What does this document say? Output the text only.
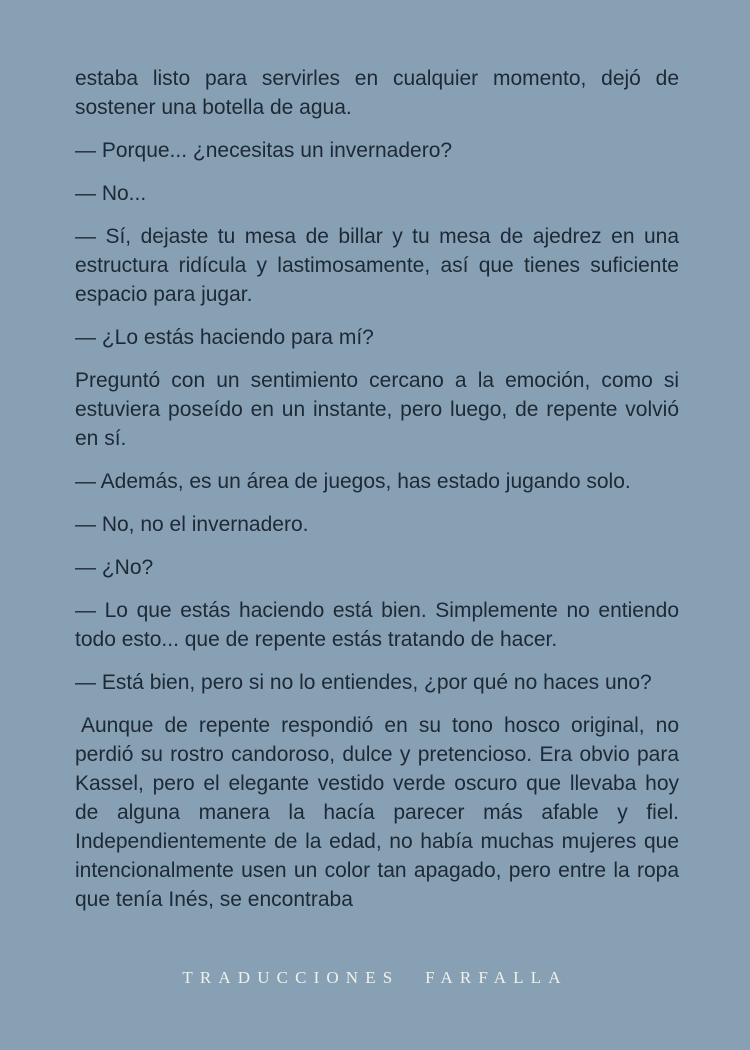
estaba listo para servirles en cualquier momento, dejó de sostener una botella de agua.

— Porque... ¿necesitas un invernadero?

— No...

— Sí, dejaste tu mesa de billar y tu mesa de ajedrez en una estructura ridícula y lastimosamente, así que tienes suficiente espacio para jugar.

— ¿Lo estás haciendo para mí?

Preguntó con un sentimiento cercano a la emoción, como si estuviera poseído en un instante, pero luego, de repente volvió en sí.

— Además, es un área de juegos, has estado jugando solo.

— No, no el invernadero.

— ¿No?

— Lo que estás haciendo está bien. Simplemente no entiendo todo esto... que de repente estás tratando de hacer.

— Está bien, pero si no lo entiendes, ¿por qué no haces uno?

Aunque de repente respondió en su tono hosco original, no perdió su rostro candoroso, dulce y pretencioso. Era obvio para Kassel, pero el elegante vestido verde oscuro que llevaba hoy de alguna manera la hacía parecer más afable y fiel. Independientemente de la edad, no había muchas mujeres que intencionalmente usen un color tan apagado, pero entre la ropa que tenía Inés, se encontraba

TRADUCCIONES FARFALLA
